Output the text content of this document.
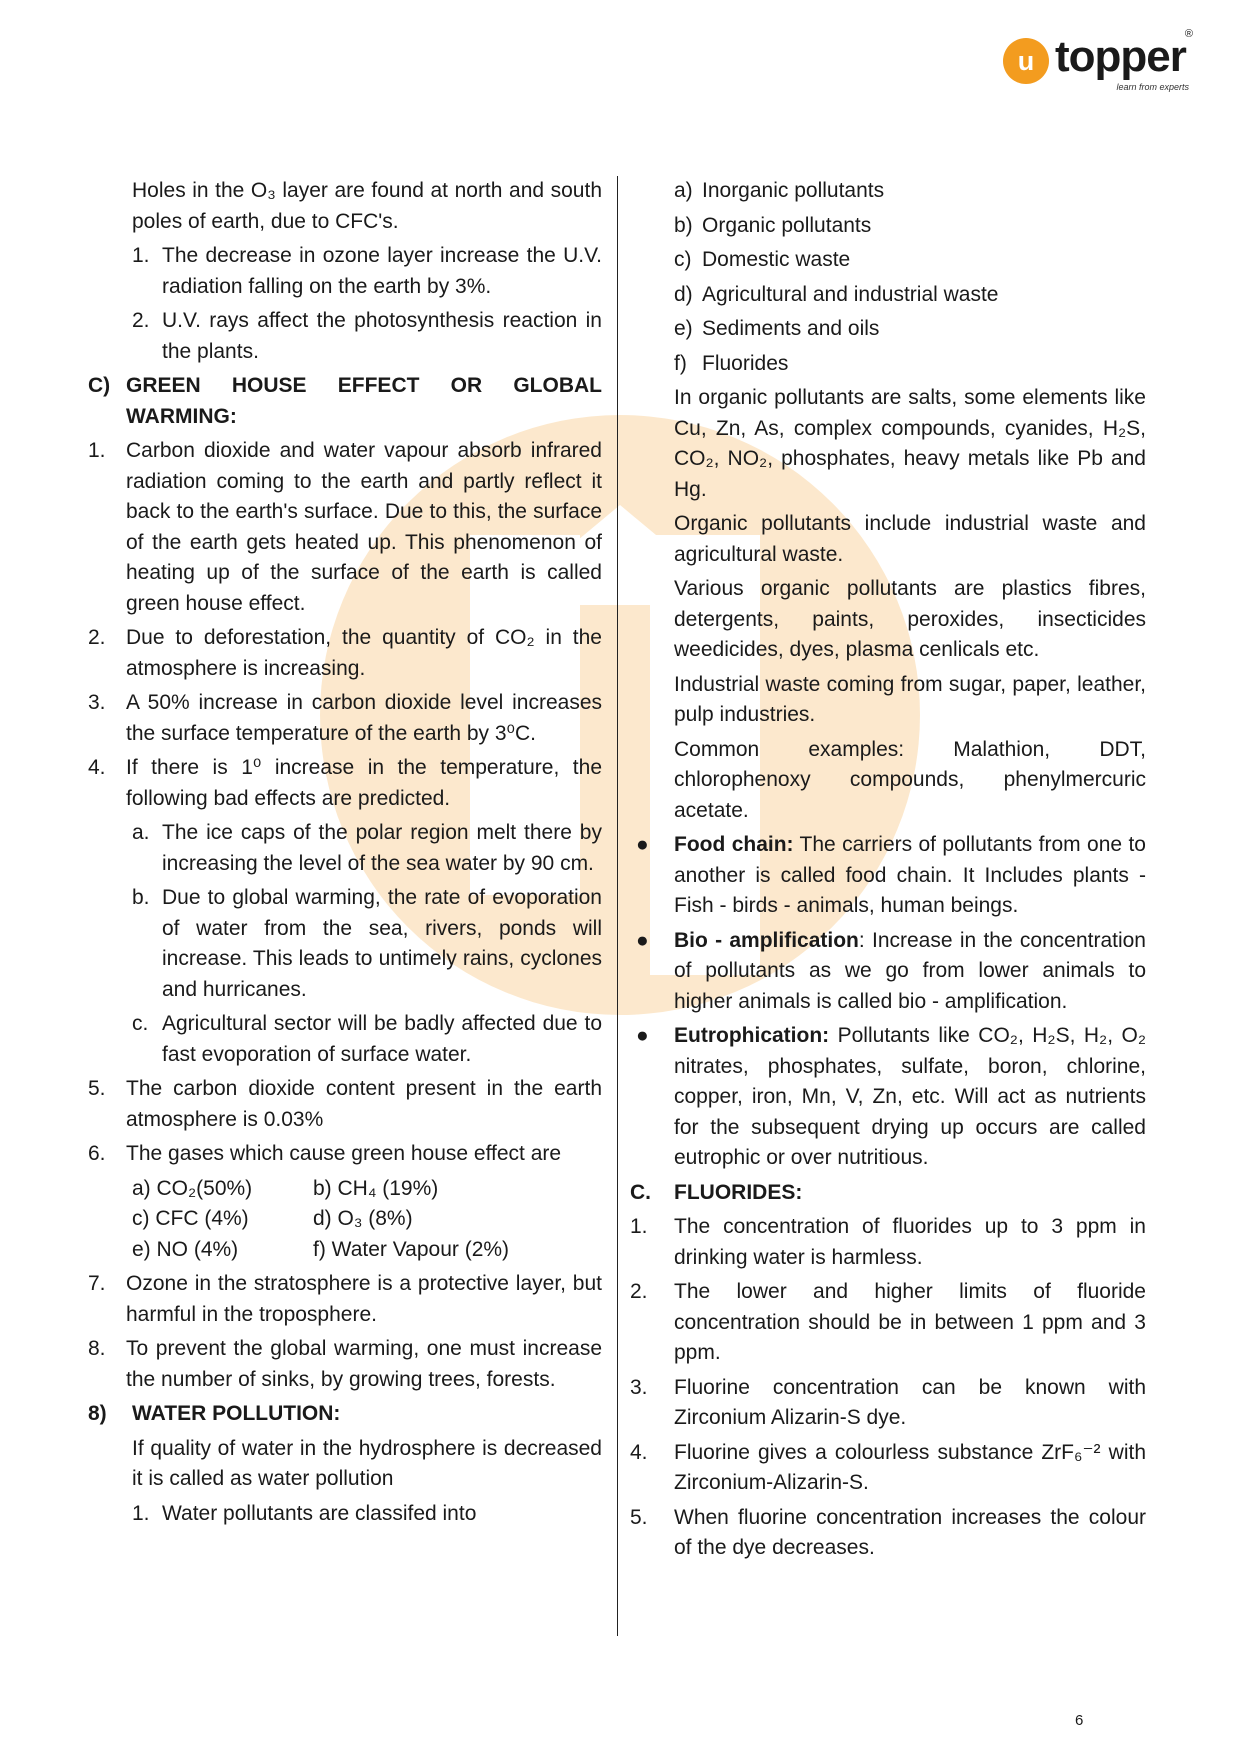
u topper ®
learn from experts
Holes in the O₃ layer are found at north and south poles of earth, due to CFC's.
1. The decrease in ozone layer increase the U.V. radiation falling on the earth by 3%.
2. U.V. rays affect the photosynthesis reaction in the plants.
C) GREEN HOUSE EFFECT OR GLOBAL WARMING:
1. Carbon dioxide and water vapour absorb infrared radiation coming to the earth and partly reflect it back to the earth's surface. Due to this, the surface of the earth gets heated up. This phenomenon of heating up of the surface of the earth is called green house effect.
2. Due to deforestation, the quantity of CO₂ in the atmosphere is increasing.
3. A 50% increase in carbon dioxide level increases the surface temperature of the earth by 3⁰C.
4. If there is 1⁰ increase in the temperature, the following bad effects are predicted.
a. The ice caps of the polar region melt there by increasing the level of the sea water by 90 cm.
b. Due to global warming, the rate of evoporation of water from the sea, rivers, ponds will increase. This leads to untimely rains, cyclones and hurricanes.
c. Agricultural sector will be badly affected due to fast evoporation of surface water.
5. The carbon dioxide content present in the earth atmosphere is 0.03%
6. The gases which cause green house effect are
a) CO₂(50%)	b) CH₄ (19%)
c) CFC (4%)	d) O₃ (8%)
e) NO (4%)	f) Water Vapour (2%)
7. Ozone in the stratosphere is a protective layer, but harmful in the troposphere.
8. To prevent the global warming, one must increase the number of sinks, by growing trees, forests.
8) WATER POLLUTION:
If quality of water in the hydrosphere is decreased it is called as water pollution
1. Water pollutants are classifed into
a) Inorganic pollutants
b) Organic pollutants
c) Domestic waste
d) Agricultural and industrial waste
e) Sediments and oils
f) Fluorides
In organic pollutants are salts, some elements like Cu, Zn, As, complex compounds, cyanides, H₂S, CO₂, NO₂, phosphates, heavy metals like Pb and Hg.
Organic pollutants include industrial waste and agricultural waste.
Various organic pollutants are plastics fibres, detergents, paints, peroxides, insecticides weedicides, dyes, plasma cenlicals etc.
Industrial waste coming from sugar, paper, leather, pulp industries.
Common examples: Malathion, DDT, chlorophenoxy compounds, phenylmercuric acetate.
● Food chain: The carriers of pollutants from one to another is called food chain. It Includes plants - Fish - birds - animals, human beings.
● Bio - amplification: Increase in the concentration of pollutants as we go from lower animals to higher animals is called bio - amplification.
● Eutrophication: Pollutants like CO₂, H₂S, H₂, O₂ nitrates, phosphates, sulfate, boron, chlorine, copper, iron, Mn, V, Zn, etc. Will act as nutrients for the subsequent drying up occurs are called eutrophic or over nutritious.
C. FLUORIDES:
1. The concentration of fluorides up to 3 ppm in drinking water is harmless.
2. The lower and higher limits of fluoride concentration should be in between 1 ppm and 3 ppm.
3. Fluorine concentration can be known with Zirconium Alizarin-S dye.
4. Fluorine gives a colourless substance ZrF₆⁻² with Zirconium-Alizarin-S.
5. When fluorine concentration increases the colour of the dye decreases.
6
